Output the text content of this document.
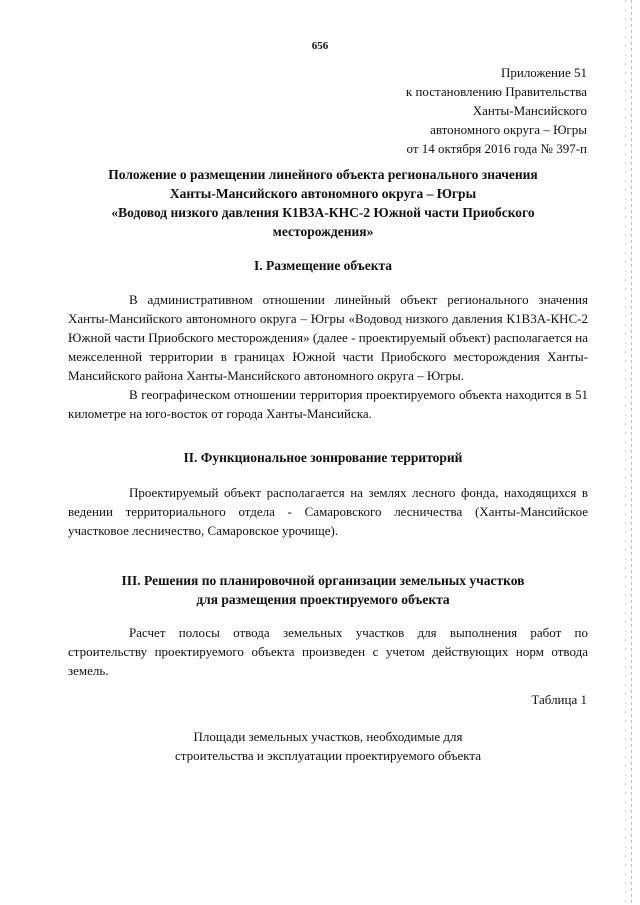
656
Приложение 51
к постановлению Правительства
Ханты-Мансийского
автономного округа – Югры
от 14 октября 2016 года № 397-п
Положение о размещении линейного объекта регионального значения
Ханты-Мансийского автономного округа – Югры
«Водовод низкого давления К1В3А-КНС-2 Южной части Приобского
месторождения»
I. Размещение объекта

В административном отношении линейный объект регионального значения Ханты-Мансийского автономного округа – Югры «Водовод низкого давления К1В3А-КНС-2 Южной части Приобского месторождения» (далее - проектируемый объект) располагается на межселенной территории в границах Южной части Приобского месторождения Ханты-Мансийского района Ханты-Мансийского автономного округа – Югры.

В географическом отношении территория проектируемого объекта находится в 51 километре на юго-восток от города Ханты-Мансийска.

II. Функциональное зонирование территорий

Проектируемый объект располагается на землях лесного фонда, находящихся в ведении территориального отдела - Самаровского лесничества (Ханты-Мансийское участковое лесничество, Самаровское урочище).

III. Решения по планировочной организации земельных участков
для размещения проектируемого объекта

Расчет полосы отвода земельных участков для выполнения работ по строительству проектируемого объекта произведен с учетом действующих норм отвода земель.

Таблица 1
Площади земельных участков, необходимые для
строительства и эксплуатации проектируемого объекта
